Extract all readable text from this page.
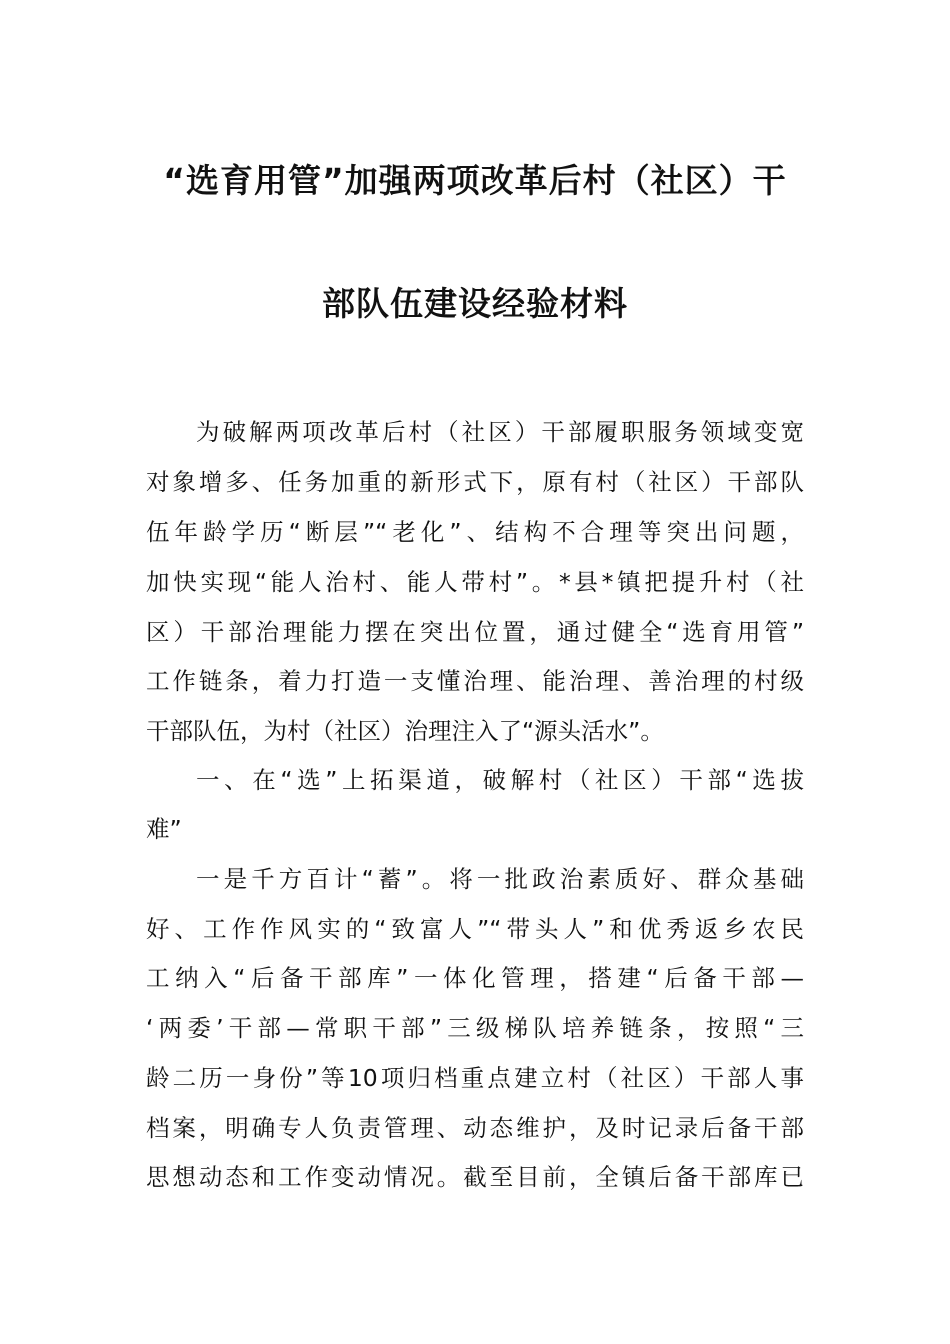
“选育用管”加强两项改革后村（社区）干
部队伍建设经验材料
为破解两项改革后村（社区）干部履职服务领域变宽
对象增多、任务加重的新形式下，原有村（社区）干部队
伍年龄学历“断层”“老化”、结构不合理等突出问题，
加快实现“能人治村、能人带村”。*县*镇把提升村（社
区）干部治理能力摆在突出位置，通过健全“选育用管”
工作链条，着力打造一支懂治理、能治理、善治理的村级
干部队伍，为村（社区）治理注入了“源头活水”。
一、在“选”上拓渠道，破解村（社区）干部“选拔
难”
一是千方百计“蓄”。将一批政治素质好、群众基础
好、工作作风实的“致富人”“带头人”和优秀返乡农民
工纳入“后备干部库”一体化管理，搭建“后备干部—
‘两委’干部—常职干部”三级梯队培养链条，按照“三
龄二历一身份”等10项归档重点建立村（社区）干部人事
档案，明确专人负责管理、动态维护，及时记录后备干部
思想动态和工作变动情况。截至目前，全镇后备干部库已
